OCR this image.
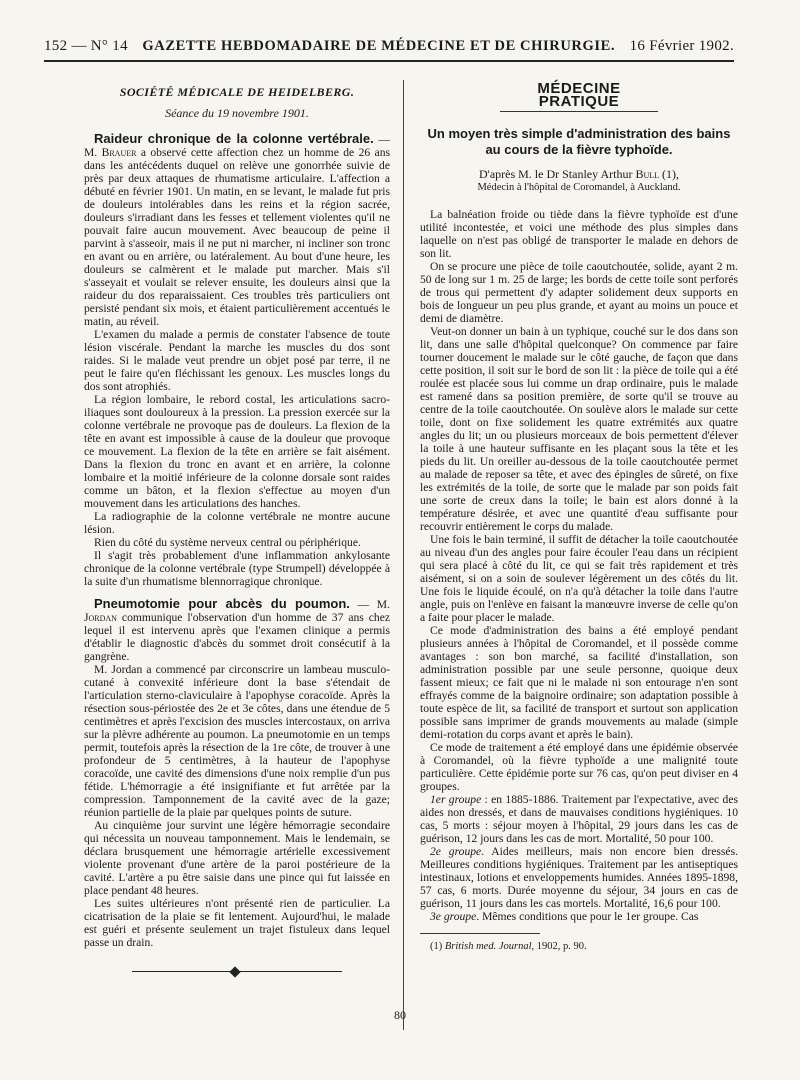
152 — N° 14 GAZETTE HEBDOMADAIRE DE MÉDECINE ET DE CHIRURGIE. 16 Février 1902.

SOCIÉTÉ MÉDICALE DE HEIDELBERG.

Séance du 19 novembre 1901.

Raideur chronique de la colonne vertébrale. — M. Brauer a observé cette affection chez un homme de 26 ans dans les antécédents duquel on relève une gonorrhée suivie de près par deux attaques de rhumatisme articulaire. L'affection a débuté en février 1901. Un matin, en se levant, le malade fut pris de douleurs intolérables dans les reins et la région sacrée, douleurs s'irradiant dans les fesses et tellement violentes qu'il ne pouvait faire aucun mouvement. Avec beaucoup de peine il parvint à s'asseoir, mais il ne put ni marcher, ni incliner son tronc en avant ou en arrière, ou latéralement. Au bout d'une heure, les douleurs se calmèrent et le malade put marcher. Mais s'il s'asseyait et voulait se relever ensuite, les douleurs ainsi que la raideur du dos reparaissaient. Ces troubles très particuliers ont persisté pendant six mois, et étaient particulièrement accentués le matin, au réveil.

L'examen du malade a permis de constater l'absence de toute lésion viscérale. Pendant la marche les muscles du dos sont raides. Si le malade veut prendre un objet posé par terre, il ne peut le faire qu'en fléchissant les genoux. Les muscles longs du dos sont atrophiés.

La région lombaire, le rebord costal, les articulations sacro-iliaques sont douloureux à la pression. La pression exercée sur la colonne vertébrale ne provoque pas de douleurs. La flexion de la tête en avant est impossible à cause de la douleur que provoque ce mouvement. La flexion de la tête en arrière se fait aisément. Dans la flexion du tronc en avant et en arrière, la colonne lombaire et la moitié inférieure de la colonne dorsale sont raides comme un bâton, et la flexion s'effectue au moyen d'un mouvement dans les articulations des hanches.

La radiographie de la colonne vertébrale ne montre aucune lésion.

Rien du côté du système nerveux central ou périphérique.

Il s'agit très probablement d'une inflammation ankylosante chronique de la colonne vertébrale (type Strumpell) développée à la suite d'un rhumatisme blennorragique chronique.

Pneumotomie pour abcès du poumon. — M. Jordan communique l'observation d'un homme de 37 ans chez lequel il est intervenu après que l'examen clinique a permis d'établir le diagnostic d'abcès du sommet droit consécutif à la gangrène.

M. Jordan a commencé par circonscrire un lambeau musculo-cutané à convexité inférieure dont la base s'étendait de l'articulation sterno-claviculaire à l'apophyse coracoïde. Après la résection sous-périostée des 2e et 3e côtes, dans une étendue de 5 centimètres et après l'excision des muscles intercostaux, on arriva sur la plèvre adhérente au poumon. La pneumotomie en un temps permit, toutefois après la résection de la 1re côte, de trouver à une profondeur de 5 centimètres, à la hauteur de l'apophyse coracoïde, une cavité des dimensions d'une noix remplie d'un pus fétide. L'hémorragie a été insignifiante et fut arrêtée par la compression. Tamponnement de la cavité avec de la gaze; réunion partielle de la plaie par quelques points de suture.

Au cinquième jour survint une légère hémorragie secondaire qui nécessita un nouveau tamponnement. Mais le lendemain, se déclara brusquement une hémorragie artérielle excessivement violente provenant d'une artère de la paroi postérieure de la cavité. L'artère a pu être saisie dans une pince qui fut laissée en place pendant 48 heures.

Les suites ultérieures n'ont présenté rien de particulier. La cicatrisation de la plaie se fit lentement. Aujourd'hui, le malade est guéri et présente seulement un trajet fistuleux dans lequel passe un drain.

MÉDECINE PRATIQUE

Un moyen très simple d'administration des bains au cours de la fièvre typhoïde.

D'après M. le Dr Stanley Arthur Bull (1),

Médecin à l'hôpital de Coromandel, à Auckland.

La balnéation froide ou tiède dans la fièvre typhoïde est d'une utilité incontestée, et voici une méthode des plus simples dans laquelle on n'est pas obligé de transporter le malade en dehors de son lit.

On se procure une pièce de toile caoutchoutée, solide, ayant 2 m. 50 de long sur 1 m. 25 de large; les bords de cette toile sont perforés de trous qui permettent d'y adapter solidement deux supports en bois de longueur un peu plus grande, et ayant au moins un pouce et demi de diamètre.

Veut-on donner un bain à un typhique, couché sur le dos dans son lit, dans une salle d'hôpital quelconque? On commence par faire tourner doucement le malade sur le côté gauche, de façon que dans cette position, il soit sur le bord de son lit : la pièce de toile qui a été roulée est placée sous lui comme un drap ordinaire, puis le malade est ramené dans sa position première, de sorte qu'il se trouve au centre de la toile caoutchoutée. On soulève alors le malade sur cette toile, dont on fixe solidement les quatre extrémités aux quatre angles du lit; un ou plusieurs morceaux de bois permettent d'élever la toile à une hauteur suffisante en les plaçant sous la tête et les pieds du lit. Un oreiller au-dessous de la toile caoutchoutée permet au malade de reposer sa tête, et avec des épingles de sûreté, on fixe les extrémités de la toile, de sorte que le malade par son poids fait une sorte de creux dans la toile; le bain est alors donné à la température désirée, et avec une quantité d'eau suffisante pour recouvrir entièrement le corps du malade.

Une fois le bain terminé, il suffit de détacher la toile caoutchoutée au niveau d'un des angles pour faire écouler l'eau dans un récipient qui sera placé à côté du lit, ce qui se fait très rapidement et très aisément, si on a soin de soulever légèrement un des côtés du lit. Une fois le liquide écoulé, on n'a qu'à détacher la toile dans l'autre angle, puis on l'enlève en faisant la manœuvre inverse de celle qu'on a faite pour placer le malade.

Ce mode d'administration des bains a été employé pendant plusieurs années à l'hôpital de Coromandel, et il possède comme avantages : son bon marché, sa facilité d'installation, son administration possible par une seule personne, quoique deux fassent mieux; ce fait que ni le malade ni son entourage n'en sont effrayés comme de la baignoire ordinaire; son adaptation possible à toute espèce de lit, sa facilité de transport et surtout son application possible sans imprimer de grands mouvements au malade (simple demi-rotation du corps avant et après le bain).

Ce mode de traitement a été employé dans une épidémie observée à Coromandel, où la fièvre typhoïde a une malignité toute particulière. Cette épidémie porte sur 76 cas, qu'on peut diviser en 4 groupes.

1er groupe : en 1885-1886. Traitement par l'expectative, avec des aides non dressés, et dans de mauvaises conditions hygiéniques. 10 cas, 5 morts : séjour moyen à l'hôpital, 29 jours dans les cas de guérison, 12 jours dans les cas de mort. Mortalité, 50 pour 100.

2e groupe. Aides meilleurs, mais non encore bien dressés. Meilleures conditions hygiéniques. Traitement par les antiseptiques intestinaux, lotions et enveloppements humides. Années 1895-1898, 57 cas, 6 morts. Durée moyenne du séjour, 34 jours en cas de guérison, 11 jours dans les cas mortels. Mortalité, 16,6 pour 100.

3e groupe. Mêmes conditions que pour le 1er groupe. Cas

(1) British med. Journal, 1902, p. 90.

80
